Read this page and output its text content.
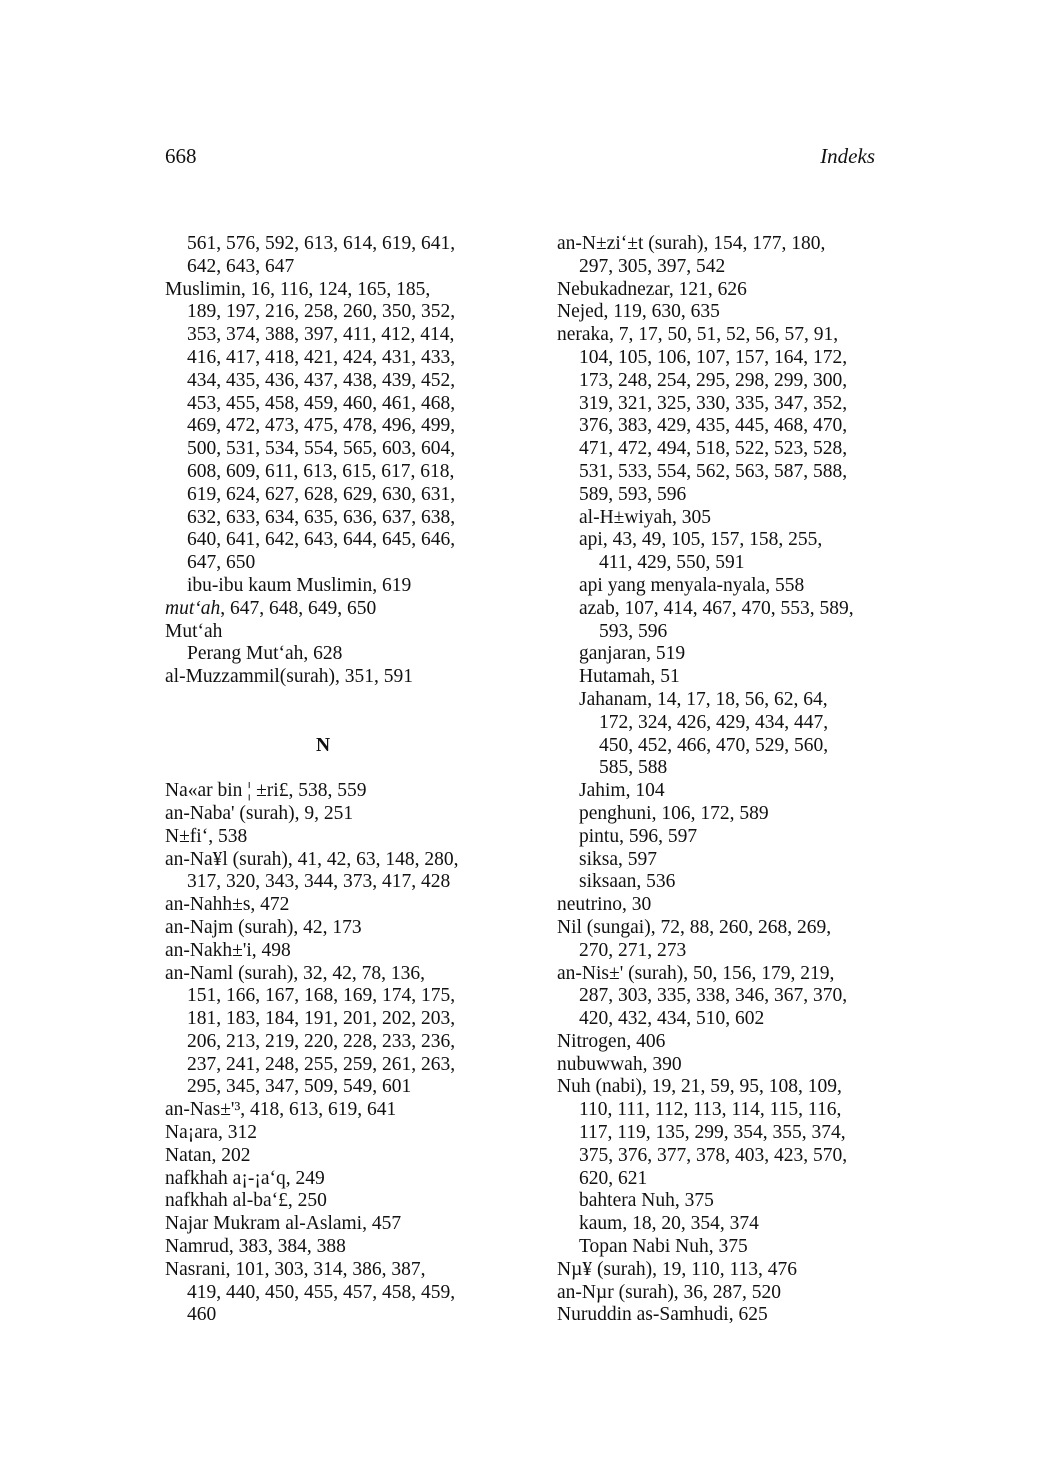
668	Indeks
561, 576, 592, 613, 614, 619, 641,
642, 643, 647
Muslimin, 16, 116, 124, 165, 185,
189, 197, 216, 258, 260, 350, 352,
353, 374, 388, 397, 411, 412, 414,
416, 417, 418, 421, 424, 431, 433,
434, 435, 436, 437, 438, 439, 452,
453, 455, 458, 459, 460, 461, 468,
469, 472, 473, 475, 478, 496, 499,
500, 531, 534, 554, 565, 603, 604,
608, 609, 611, 613, 615, 617, 618,
619, 624, 627, 628, 629, 630, 631,
632, 633, 634, 635, 636, 637, 638,
640, 641, 642, 643, 644, 645, 646,
647, 650
ibu-ibu kaum Muslimin, 619
mut‘ah, 647, 648, 649, 650
Mut‘ah
Perang Mut‘ah, 628
al-Muzzammil(surah), 351, 591
N
Na«ar bin ¦ ±ri£, 538, 559
an-Naba' (surah), 9, 251
N±fi‘, 538
an-Na¥l (surah), 41, 42, 63, 148, 280,
317, 320, 343, 344, 373, 417, 428
an-Nahh±s, 472
an-Najm (surah), 42, 173
an-Nakh±'i, 498
an-Naml (surah), 32, 42, 78, 136,
151, 166, 167, 168, 169, 174, 175,
181, 183, 184, 191, 201, 202, 203,
206, 213, 219, 220, 228, 233, 236,
237, 241, 248, 255, 259, 261, 263,
295, 345, 347, 509, 549, 601
an-Nas±'³, 418, 613, 619, 641
Na¡ara, 312
Natan, 202
nafkhah a¡-¡a‘q, 249
nafkhah al-ba‘£, 250
Najar Mukram al-Aslami, 457
Namrud, 383, 384, 388
Nasrani, 101, 303, 314, 386, 387,
419, 440, 450, 455, 457, 458, 459,
460
an-N±zi‘±t (surah), 154, 177, 180,
297, 305, 397, 542
Nebukadnezar, 121, 626
Nejed, 119, 630, 635
neraka, 7, 17, 50, 51, 52, 56, 57, 91,
104, 105, 106, 107, 157, 164, 172,
173, 248, 254, 295, 298, 299, 300,
319, 321, 325, 330, 335, 347, 352,
376, 383, 429, 435, 445, 468, 470,
471, 472, 494, 518, 522, 523, 528,
531, 533, 554, 562, 563, 587, 588,
589, 593, 596
al-H±wiyah, 305
api, 43, 49, 105, 157, 158, 255,
411, 429, 550, 591
api yang menyala-nyala, 558
azab, 107, 414, 467, 470, 553, 589,
593, 596
ganjaran, 519
Hutamah, 51
Jahanam, 14, 17, 18, 56, 62, 64,
172, 324, 426, 429, 434, 447,
450, 452, 466, 470, 529, 560,
585, 588
Jahim, 104
penghuni, 106, 172, 589
pintu, 596, 597
siksa, 597
siksaan, 536
neutrino, 30
Nil (sungai), 72, 88, 260, 268, 269,
270, 271, 273
an-Nis±' (surah), 50, 156, 179, 219,
287, 303, 335, 338, 346, 367, 370,
420, 432, 434, 510, 602
Nitrogen, 406
nubuwwah, 390
Nuh (nabi), 19, 21, 59, 95, 108, 109,
110, 111, 112, 113, 114, 115, 116,
117, 119, 135, 299, 354, 355, 374,
375, 376, 377, 378, 403, 423, 570,
620, 621
bahtera Nuh, 375
kaum, 18, 20, 354, 374
Topan Nabi Nuh, 375
Nµ¥ (surah), 19, 110, 113, 476
an-Nµr (surah), 36, 287, 520
Nuruddin as-Samhudi, 625
